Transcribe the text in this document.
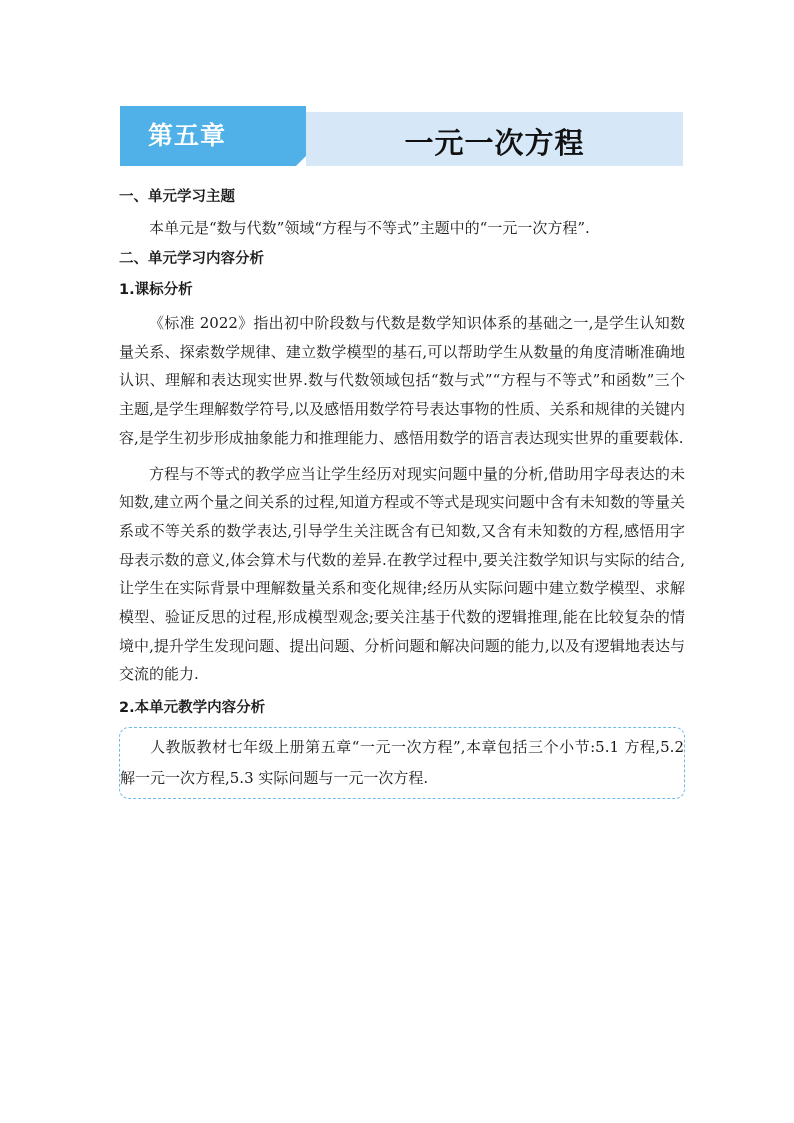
第五章	一元一次方程
一、单元学习主题

本单元是“数与代数”领域“方程与不等式”主题中的“一元一次方程”.

二、单元学习内容分析
1.课标分析

《标准 2022》指出初中阶段数与代数是数学知识体系的基础之一,是学生认知数量关系、探索数学规律、建立数学模型的基石,可以帮助学生从数量的角度清晰准确地认识、理解和表达现实世界.数与代数领域包括“数与式”“方程与不等式”和函数”三个主题,是学生理解数学符号,以及感悟用数学符号表达事物的性质、关系和规律的关键内容,是学生初步形成抽象能力和推理能力、感悟用数学的语言表达现实世界的重要载体.

方程与不等式的教学应当让学生经历对现实问题中量的分析,借助用字母表达的未知数,建立两个量之间关系的过程,知道方程或不等式是现实问题中含有未知数的等量关系或不等关系的数学表达,引导学生关注既含有已知数,又含有未知数的方程,感悟用字母表示数的意义,体会算术与代数的差异.在教学过程中,要关注数学知识与实际的结合,让学生在实际背景中理解数量关系和变化规律;经历从实际问题中建立数学模型、求解模型、验证反思的过程,形成模型观念;要关注基于代数的逻辑推理,能在比较复杂的情境中,提升学生发现问题、提出问题、分析问题和解决问题的能力,以及有逻辑地表达与交流的能力.

2.本单元教学内容分析

人教版教材七年级上册第五章“一元一次方程”,本章包括三个小节:5.1 方程,5.2 解一元一次方程,5.3 实际问题与一元一次方程.
